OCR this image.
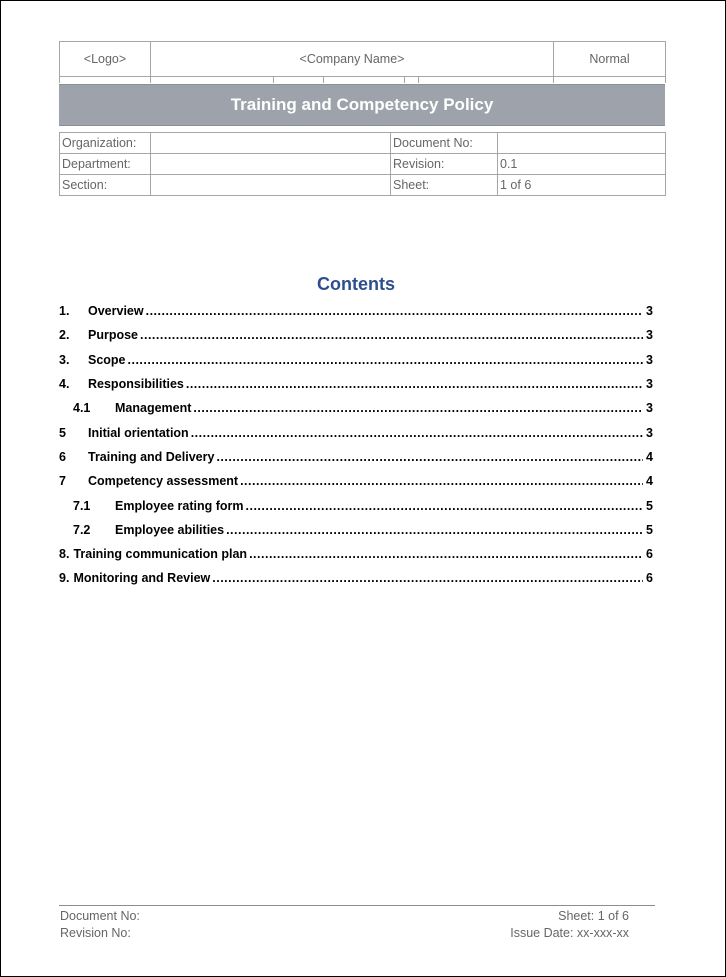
<Logo>	<Company Name>	Normal

Training and Competency Policy
Organization:		Document No:	
Department:		Revision:	0.1
Section:		Sheet:	1 of 6
Contents
1.	Overview .....	3
2.	Purpose .....	3
3.	Scope .....	3
4.	Responsibilities .....	3
4.1	Management .....	3
5	Initial orientation .....	3
6	Training and Delivery .....	4
7	Competency assessment .....	4
7.1	Employee rating form .....	5
7.2	Employee abilities .....	5
8. Training communication plan .....	6
9. Monitoring and Review .....	6
Document No:
Revision No:
Sheet: 1 of 6
Issue Date: xx-xxx-xx
